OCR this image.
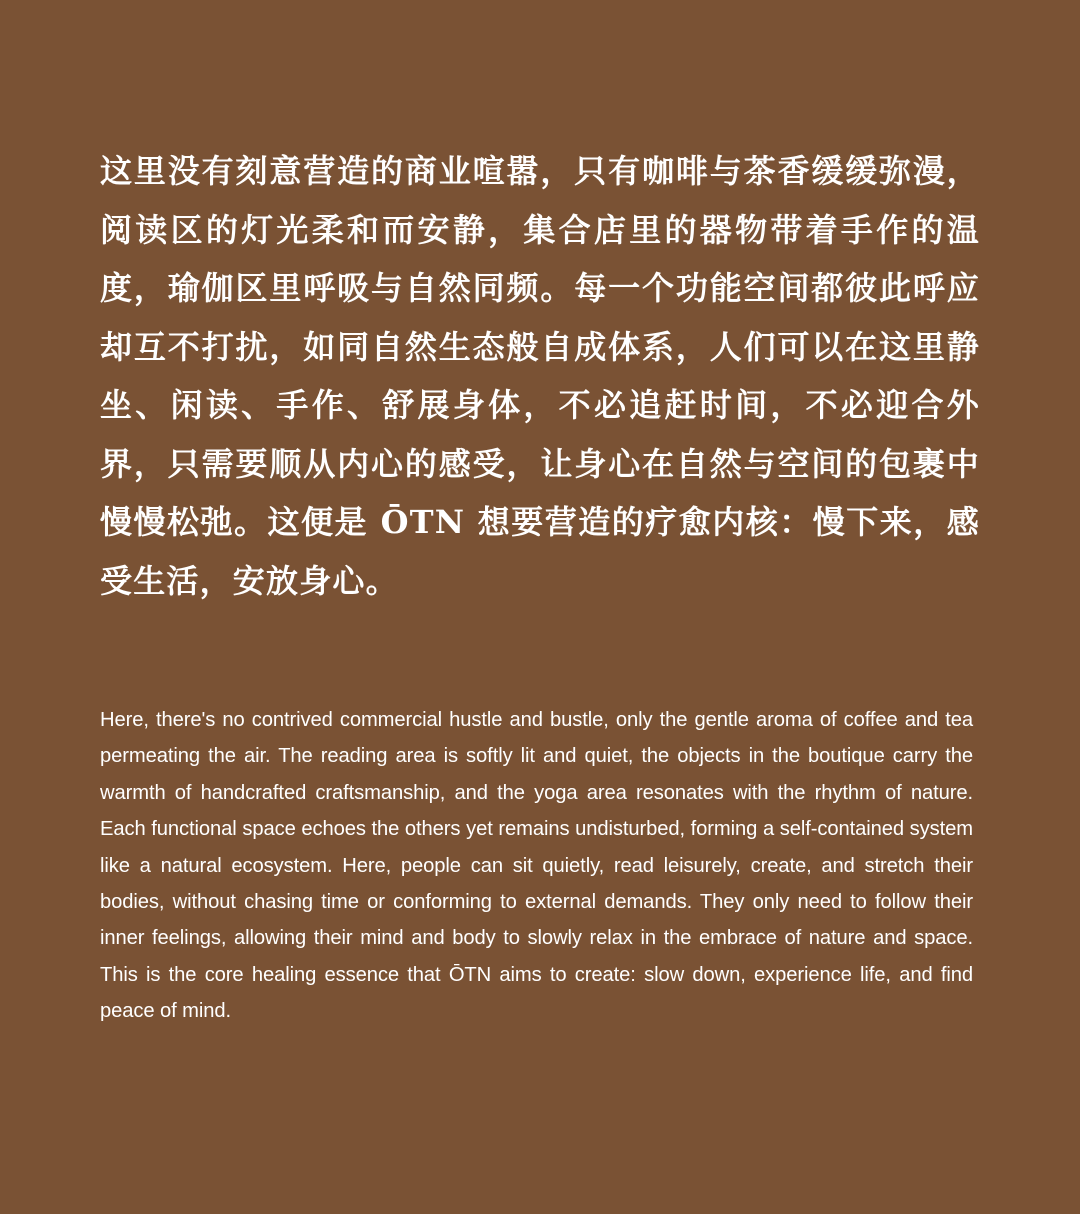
这里没有刻意营造的商业喧嚣，只有咖啡与茶香缓缓弥漫，阅读区的灯光柔和而安静，集合店里的器物带着手作的温度，瑜伽区里呼吸与自然同频。每一个功能空间都彼此呼应却互不打扰，如同自然生态般自成体系，人们可以在这里静坐、闲读、手作、舒展身体，不必追赶时间，不必迎合外界，只需要顺从内心的感受，让身心在自然与空间的包裹中慢慢松弛。这便是 ŌTN 想要营造的疗愈内核：慢下来，感受生活，安放身心。

Here, there's no contrived commercial hustle and bustle, only the gentle aroma of coffee and tea permeating the air. The reading area is softly lit and quiet, the objects in the boutique carry the warmth of handcrafted craftsmanship, and the yoga area resonates with the rhythm of nature. Each functional space echoes the others yet remains undisturbed, forming a self-contained system like a natural ecosystem. Here, people can sit quietly, read leisurely, create, and stretch their bodies, without chasing time or conforming to external demands. They only need to follow their inner feelings, allowing their mind and body to slowly relax in the embrace of nature and space. This is the core healing essence that ŌTN aims to create: slow down, experience life, and find peace of mind.
